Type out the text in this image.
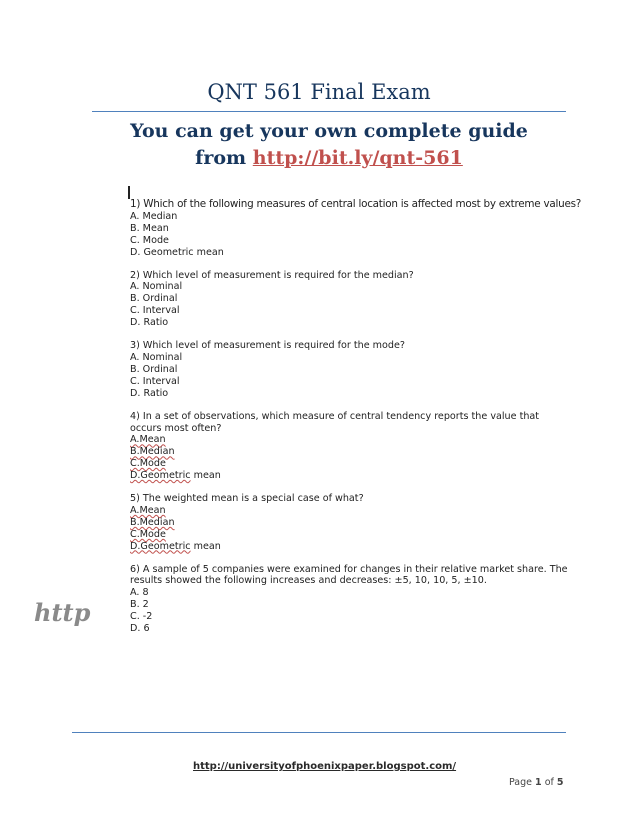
QNT 561 Final Exam
You can get your own complete guide
from http://bit.ly/qnt-561
1) Which of the following measures of central location is affected most by extreme values?
A. Median
B. Mean
C. Mode
D. Geometric mean
2) Which level of measurement is required for the median?
A. Nominal
B. Ordinal
C. Interval
D. Ratio
3) Which level of measurement is required for the mode?
A. Nominal
B. Ordinal
C. Interval
D. Ratio
4) In a set of observations, which measure of central tendency reports the value that occurs most often?
A.Mean
B.Median
C.Mode
D.Geometric mean
5) The weighted mean is a special case of what?
A.Mean
B.Median
C.Mode
D.Geometric mean
6) A sample of 5 companies were examined for changes in their relative market share. The results showed the following increases and decreases: ±5, 10, 10, 5, ±10.
A. 8
B. 2
C. -2
D. 6
http
http://universityofphoenixpaper.blogspot.com/
Page 1 of 5
